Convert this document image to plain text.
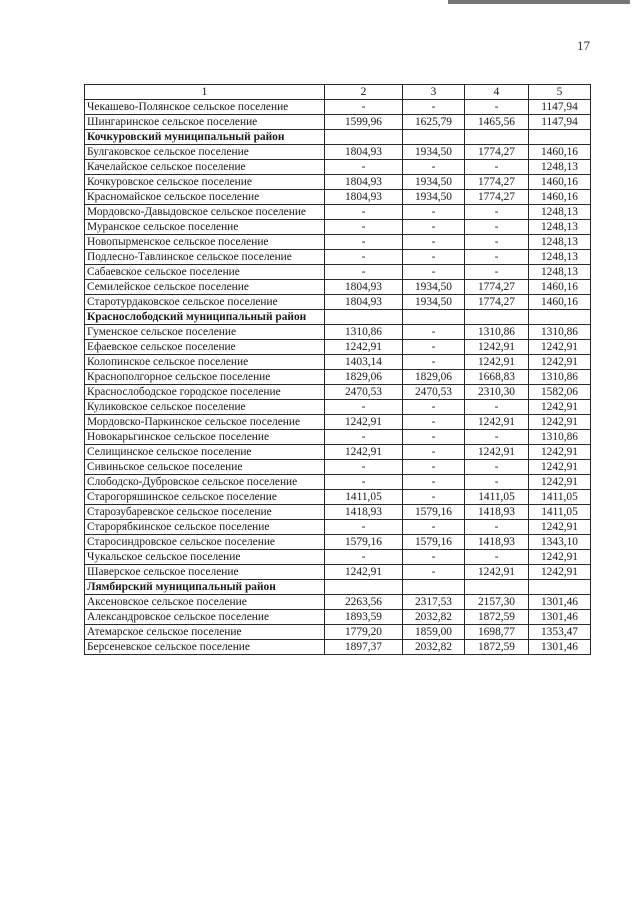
17
1	2	3	4	5
Чекашево-Полянское сельское поселение	-	-	-	1147,94
Шингаринское сельское поселение	1599,96	1625,79	1465,56	1147,94
Кочкуровский муниципальный район				
Булгаковское сельское поселение	1804,93	1934,50	1774,27	1460,16
Качелайское сельское поселение	-	-	-	1248,13
Кочкуровское сельское поселение	1804,93	1934,50	1774,27	1460,16
Красномайское сельское поселение	1804,93	1934,50	1774,27	1460,16
Мордовско-Давыдовское сельское поселение	-	-	-	1248,13
Муранское сельское поселение	-	-	-	1248,13
Новопырменское сельское поселение	-	-	-	1248,13
Подлесно-Тавлинское сельское поселение	-	-	-	1248,13
Сабаевское сельское поселение	-	-	-	1248,13
Семилейское сельское поселение	1804,93	1934,50	1774,27	1460,16
Старотурдаковское сельское поселение	1804,93	1934,50	1774,27	1460,16
Краснослободский муниципальный район				
Гуменское сельское поселение	1310,86	-	1310,86	1310,86
Ефаевское сельское поселение	1242,91	-	1242,91	1242,91
Колопинское сельское поселение	1403,14	-	1242,91	1242,91
Краснополгорное сельское поселение	1829,06	1829,06	1668,83	1310,86
Краснослободское городское поселение	2470,53	2470,53	2310,30	1582,06
Куликовское сельское поселение	-	-	-	1242,91
Мордовско-Паркинское сельское поселение	1242,91	-	1242,91	1242,91
Новокарьгинское сельское поселение	-	-	-	1310,86
Селищинское сельское поселение	1242,91	-	1242,91	1242,91
Сивиньское сельское поселение	-	-	-	1242,91
Слободско-Дубровское сельское поселение	-	-	-	1242,91
Старогоряшинское сельское поселение	1411,05	-	1411,05	1411,05
Старозубаревское сельское поселение	1418,93	1579,16	1418,93	1411,05
Старорябкинское сельское поселение	-	-	-	1242,91
Старосиндровское сельское поселение	1579,16	1579,16	1418,93	1343,10
Чукальское сельское поселение	-	-	-	1242,91
Шаверское сельское поселение	1242,91	-	1242,91	1242,91
Лямбирский муниципальный район				
Аксеновское сельское поселение	2263,56	2317,53	2157,30	1301,46
Александровское сельское поселение	1893,59	2032,82	1872,59	1301,46
Атемарское сельское поселение	1779,20	1859,00	1698,77	1353,47
Берсеневское сельское поселение	1897,37	2032,82	1872,59	1301,46
